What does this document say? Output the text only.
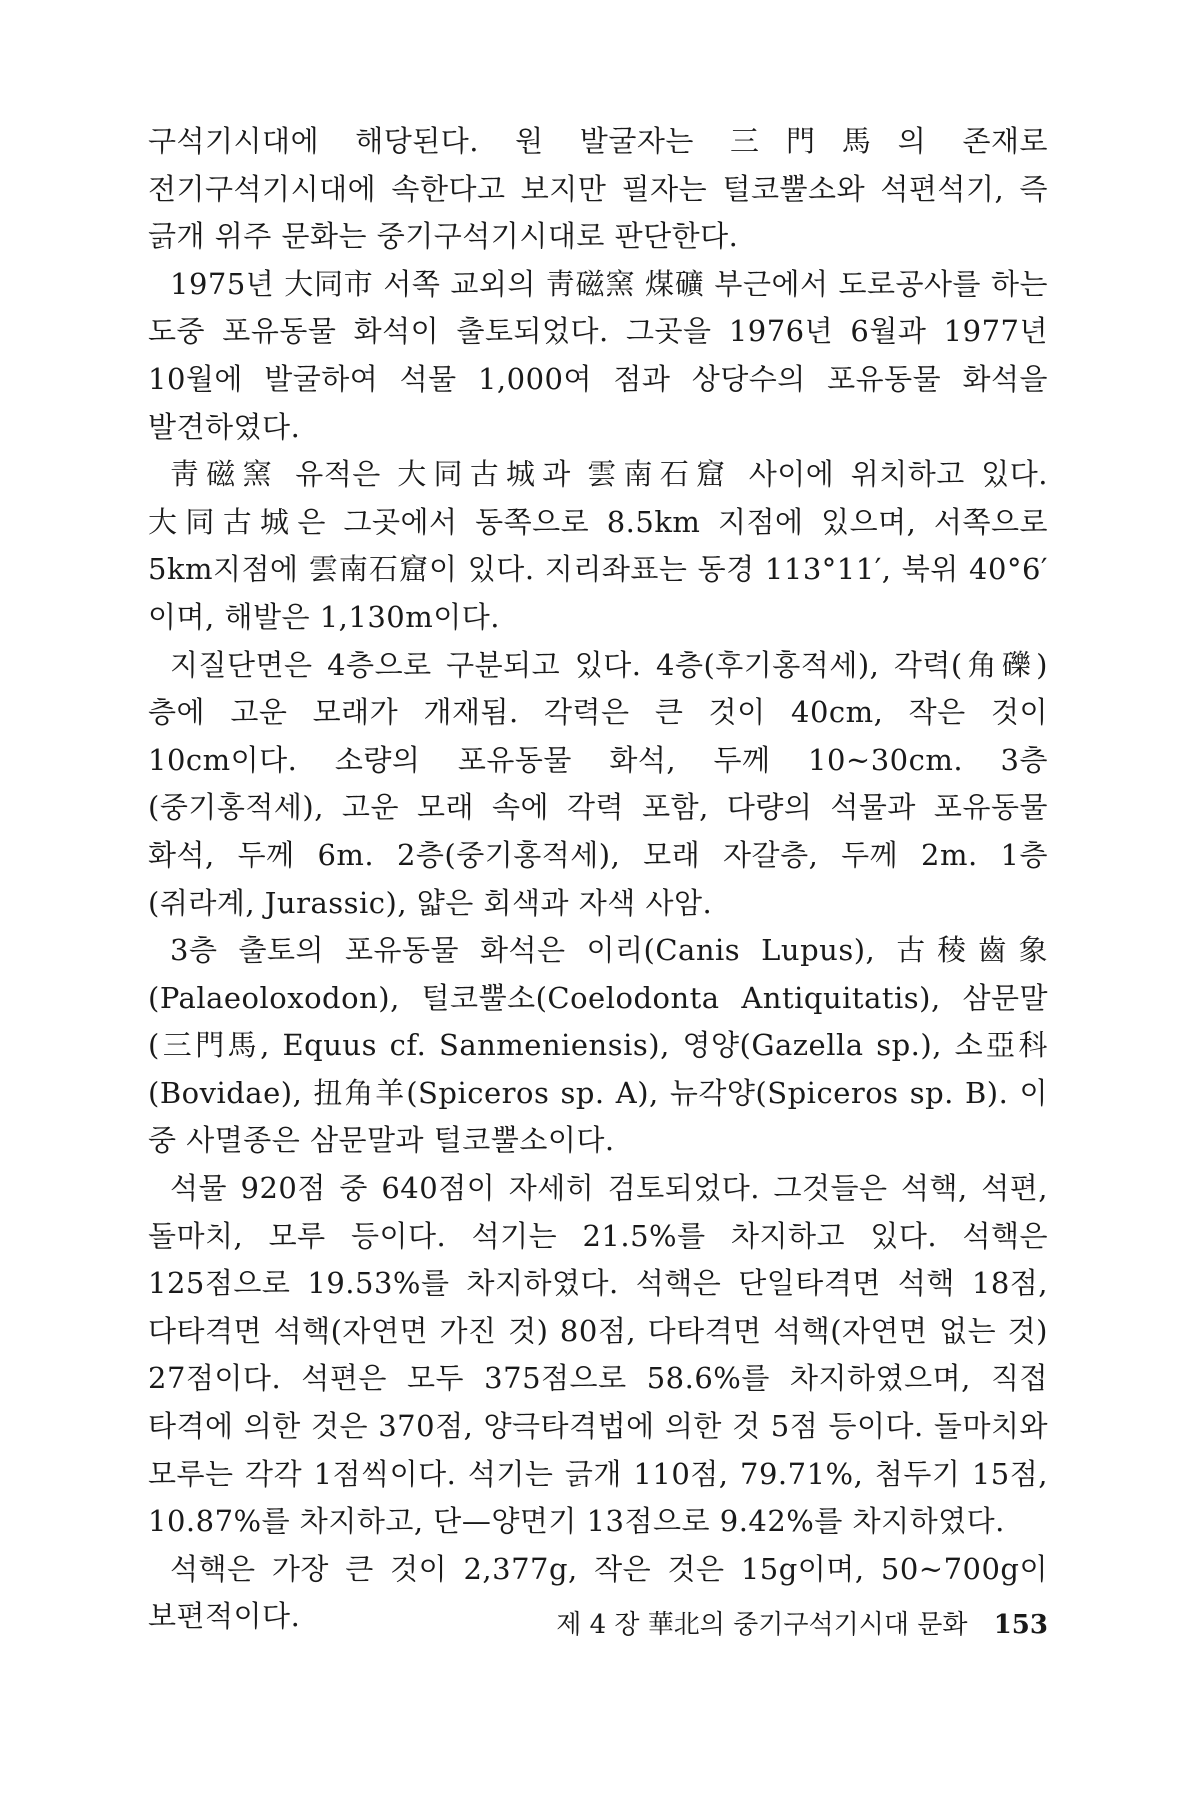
구석기시대에 해당된다. 원 발굴자는 三門馬의 존재로 전기구석기시대에 속한다고 보지만 필자는 털코뿔소와 석편석기, 즉 긁개 위주 문화는 중기구석기시대로 판단한다.

1975년 大同市 서쪽 교외의 靑磁窯 煤礦 부근에서 도로공사를 하는 도중 포유동물 화석이 출토되었다. 그곳을 1976년 6월과 1977년 10월에 발굴하여 석물 1,000여 점과 상당수의 포유동물 화석을 발견하였다.

靑磁窯 유적은 大同古城과 雲南石窟 사이에 위치하고 있다. 大同古城은 그곳에서 동쪽으로 8.5km 지점에 있으며, 서쪽으로 5km지점에 雲南石窟이 있다. 지리좌표는 동경 113°11′, 북위 40°6′이며, 해발은 1,130m이다.

지질단면은 4층으로 구분되고 있다. 4층(후기홍적세), 각력(角礫)층에 고운 모래가 개재됨. 각력은 큰 것이 40cm, 작은 것이 10cm이다. 소량의 포유동물 화석, 두께 10~30cm. 3층(중기홍적세), 고운 모래 속에 각력 포함, 다량의 석물과 포유동물 화석, 두께 6m. 2층(중기홍적세), 모래 자갈층, 두께 2m. 1층(쥐라계, Jurassic), 얇은 회색과 자색 사암.

3층 출토의 포유동물 화석은 이리(Canis Lupus), 古稜齒象(Palaeoloxodon), 털코뿔소(Coelodonta Antiquitatis), 삼문말(三門馬, Equus cf. Sanmeniensis), 영양(Gazella sp.), 소亞科(Bovidae), 扭角羊(Spiceros sp. A), 뉴각양(Spiceros sp. B). 이 중 사멸종은 삼문말과 털코뿔소이다.

석물 920점 중 640점이 자세히 검토되었다. 그것들은 석핵, 석편, 돌마치, 모루 등이다. 석기는 21.5%를 차지하고 있다. 석핵은 125점으로 19.53%를 차지하였다. 석핵은 단일타격면 석핵 18점, 다타격면 석핵(자연면 가진 것) 80점, 다타격면 석핵(자연면 없는 것) 27점이다. 석편은 모두 375점으로 58.6%를 차지하였으며, 직접 타격에 의한 것은 370점, 양극타격법에 의한 것 5점 등이다. 돌마치와 모루는 각각 1점씩이다. 석기는 긁개 110점, 79.71%, 첨두기 15점, 10.87%를 차지하고, 단—양면기 13점으로 9.42%를 차지하였다.

석핵은 가장 큰 것이 2,377g, 작은 것은 15g이며, 50~700g이 보편적이다.	제 4 장 華北의 중기구석기시대 문화 153
